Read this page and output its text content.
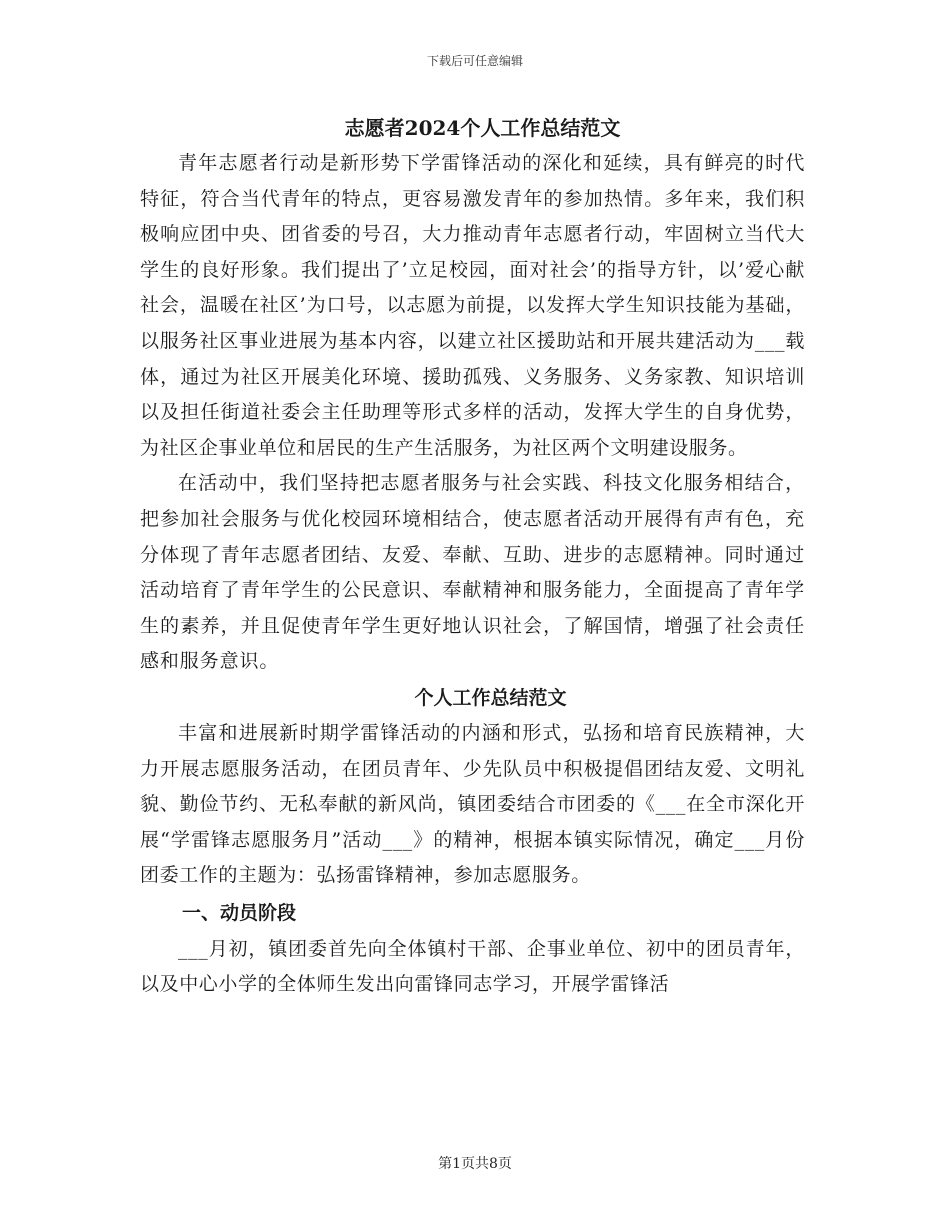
下载后可任意编辑
志愿者2024个人工作总结范文

青年志愿者行动是新形势下学雷锋活动的深化和延续，具有鲜亮的时代特征，符合当代青年的特点，更容易激发青年的参加热情。多年来，我们积极响应团中央、团省委的号召，大力推动青年志愿者行动，牢固树立当代大学生的良好形象。我们提出了’立足校园，面对社会’的指导方针，以’爱心献社会，温暖在社区’为口号，以志愿为前提，以发挥大学生知识技能为基础，以服务社区事业进展为基本内容，以建立社区援助站和开展共建活动为___载体，通过为社区开展美化环境、援助孤残、义务服务、义务家教、知识培训以及担任街道社委会主任助理等形式多样的活动，发挥大学生的自身优势，为社区企事业单位和居民的生产生活服务，为社区两个文明建设服务。

在活动中，我们坚持把志愿者服务与社会实践、科技文化服务相结合，把参加社会服务与优化校园环境相结合，使志愿者活动开展得有声有色，充分体现了青年志愿者团结、友爱、奉献、互助、进步的志愿精神。同时通过活动培育了青年学生的公民意识、奉献精神和服务能力，全面提高了青年学生的素养，并且促使青年学生更好地认识社会，了解国情，增强了社会责任感和服务意识。

个人工作总结范文

丰富和进展新时期学雷锋活动的内涵和形式，弘扬和培育民族精神，大力开展志愿服务活动，在团员青年、少先队员中积极提倡团结友爱、文明礼貌、勤俭节约、无私奉献的新风尚，镇团委结合市团委的《___在全市深化开展“学雷锋志愿服务月”活动___》的精神，根据本镇实际情况，确定___月份团委工作的主题为：弘扬雷锋精神，参加志愿服务。

一、动员阶段

___月初，镇团委首先向全体镇村干部、企事业单位、初中的团员青年，以及中心小学的全体师生发出向雷锋同志学习，开展学雷锋活

第1页共8页
